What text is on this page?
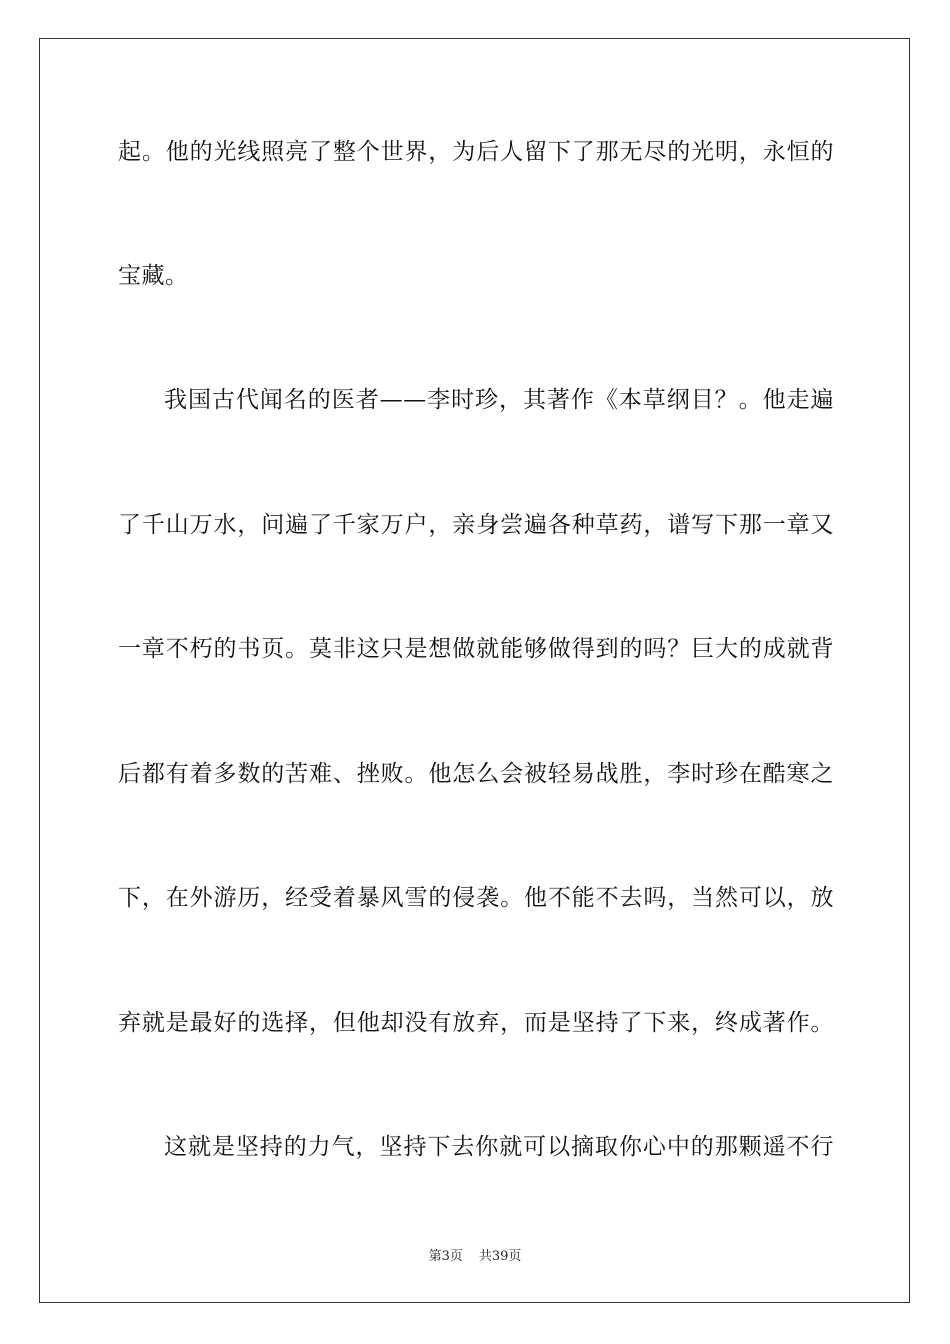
起。他的光线照亮了整个世界，为后人留下了那无尽的光明，永恒的
宝藏。
我国古代闻名的医者——李时珍，其著作《本草纲目？。他走遍
了千山万水，问遍了千家万户，亲身尝遍各种草药，谱写下那一章又
一章不朽的书页。莫非这只是想做就能够做得到的吗？巨大的成就背
后都有着多数的苦难、挫败。他怎么会被轻易战胜，李时珍在酷寒之
下，在外游历，经受着暴风雪的侵袭。他不能不去吗，当然可以，放
弃就是最好的选择，但他却没有放弃，而是坚持了下来，终成著作。
这就是坚持的力气，坚持下去你就可以摘取你心中的那颗遥不行
第3页 共39页
